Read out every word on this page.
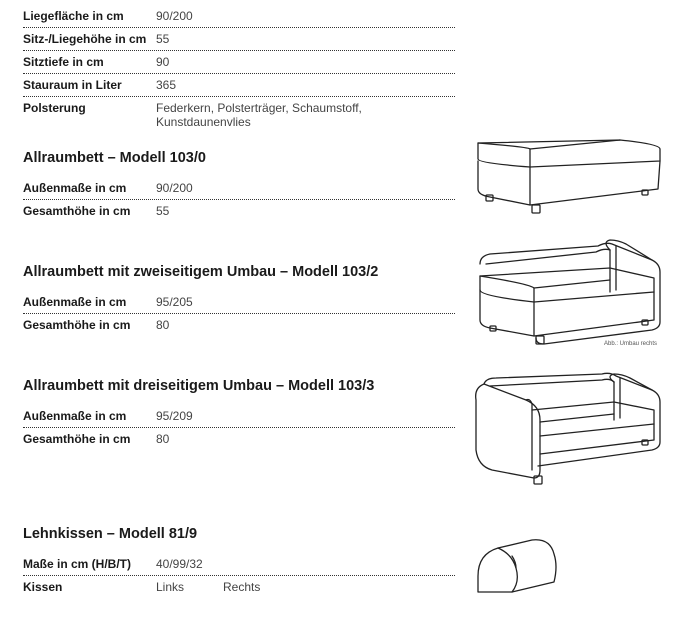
Liegefläche in cm	90/200
Sitz-/Liegehöhe in cm 55
Sitztiefe in cm	90
Stauraum in Liter	365
Polsterung	Federkern, Polsterträger, Schaumstoff, Kunstdaunenvlies
Allraumbett – Modell 103/0
Außenmaße in cm 90/200
Gesamthöhe in cm 55
Allraumbett mit zweiseitigem Umbau – Modell 103/2
Außenmaße in cm 95/205
Gesamthöhe in cm 80
Abb.: Umbau rechts
Allraumbett mit dreiseitigem Umbau – Modell 103/3
Außenmaße in cm 95/209
Gesamthöhe in cm 80
Lehnkissen – Modell 81/9
Maße in cm (H/B/T) 40/99/32
Kissen	Links	Rechts
